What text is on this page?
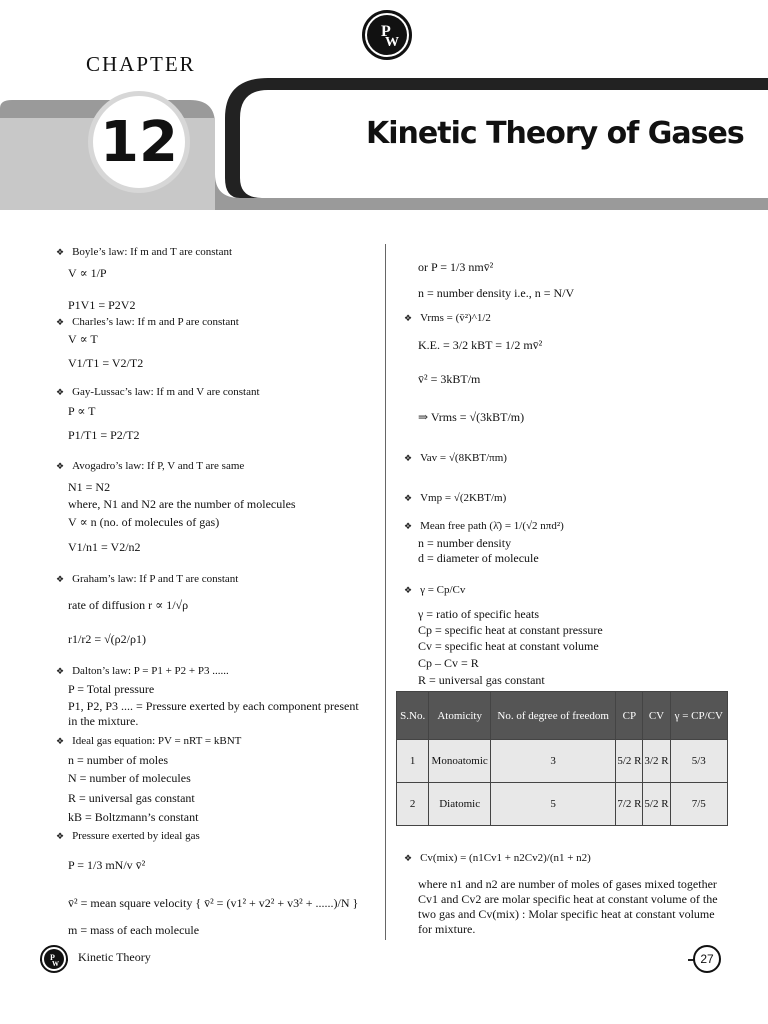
P
W
CHAPTER
12	Kinetic Theory of Gases
❖ Boyle’s law: If m and T are constant
V ∝ 1/P
P1V1 = P2V2
❖ Charles’s law: If m and P are constant
V ∝ T
V1/T1 = V2/T2
❖ Gay-Lussac’s law: If m and V are constant
P ∝ T
P1/T1 = P2/T2
❖ Avogadro’s law: If P, V and T are same
N1 = N2
where, N1 and N2 are the number of molecules
V ∝ n (no. of molecules of gas)
V1/n1 = V2/n2
❖ Graham’s law: If P and T are constant
rate of diffusion r ∝ 1/√ρ
r1/r2 = √(ρ2/ρ1)
❖ Dalton’s law: P = P1 + P2 + P3 ......
P = Total pressure
P1, P2, P3 .... = Pressure exerted by each component present
in the mixture.
❖ Ideal gas equation: PV = nRT = kBNT
n = number of moles
N = number of molecules
R = universal gas constant
kB = Boltzmann’s constant
❖ Pressure exerted by ideal gas
P = 1/3 mN/v v̄²
v̄² = mean square velocity { v̄² = (v1² + v2² + v3² + ......)/N }
m = mass of each molecule
or P = 1/3 nmv̄²
n = number density i.e., n = N/V
❖ Vrms = (v̄²)^1/2
K.E. = 3/2 kBT = 1/2 mv̄²
v̄² = 3kBT/m
⇒ Vrms = √(3kBT/m)
❖ Vav = √(8KBT/πm)
❖ Vmp = √(2KBT/m)
❖ Mean free path (λ̄) = 1/(√2 nπd²)
n = number density
d = diameter of molecule
❖ γ = Cp/Cv
γ = ratio of specific heats
Cp = specific heat at constant pressure
Cv = specific heat at constant volume
Cp – Cv = R
R = universal gas constant
S.No.	Atomicity	No. of degree of freedom	CP	CV	γ = CP/CV
1	Monoatomic	3	5/2 R	3/2 R	5/3
2	Diatomic	5	7/2 R	5/2 R	7/5
❖ Cv(mix) = (n1Cv1 + n2Cv2)/(n1 + n2)
where n1 and n2 are number of moles of gases mixed together
Cv1 and Cv2 are molar specific heat at constant volume of the
two gas and Cv(mix) : Molar specific heat at constant volume
for mixture.
P
W Kinetic Theory	27
